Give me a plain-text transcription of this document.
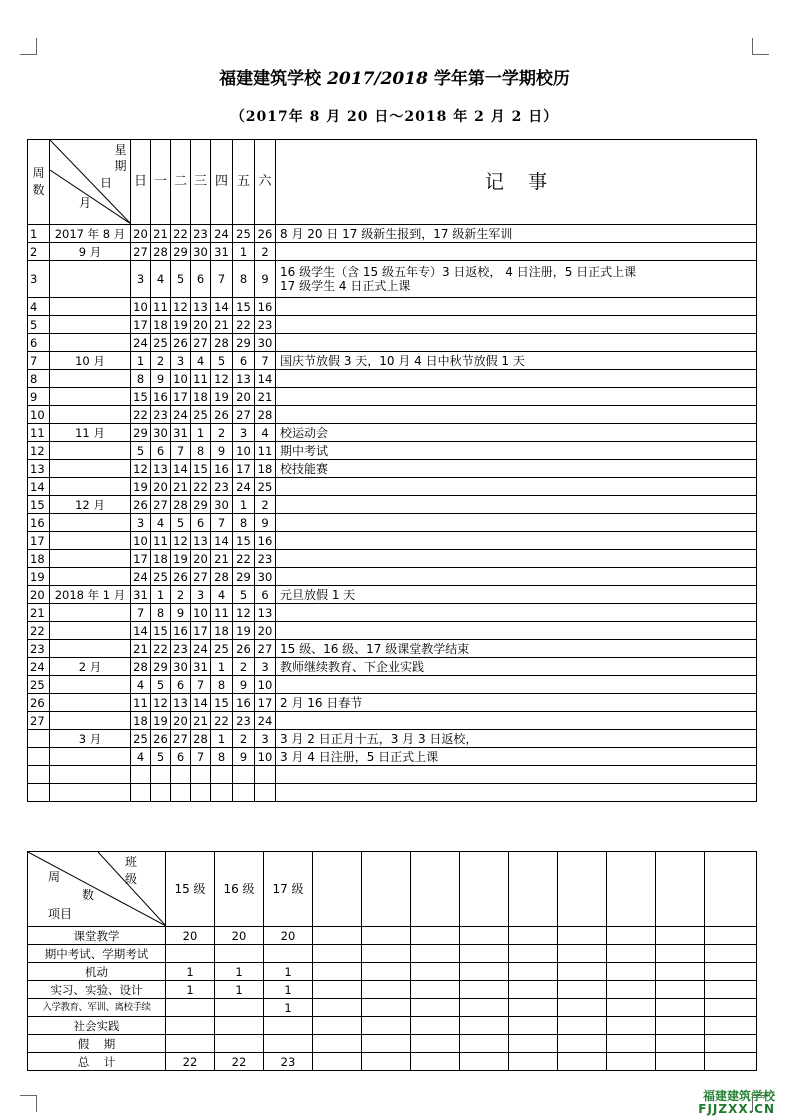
福建建筑学校 2017/2018 学年第一学期校历
（2017年 8 月 20 日～2018 年 2 月 2 日）
周数	星期
日
月	日	一	二	三	四	五	六	记    事
1	2017 年 8 月	20	21	22	23	24	25	26	8 月 20 日 17 级新生报到，17 级新生军训

2	9 月	27	28	29	30	31	1	2	

3		3	4	5	6	7	8	9	16 级学生（含 15 级五年专）3 日返校， 4 日注册，5 日正式上课
17 级学生 4 日正式上课

4		10	11	12	13	14	15	16	

5		17	18	19	20	21	22	23	

6		24	25	26	27	28	29	30	

7	10 月	1	2	3	4	5	6	7	国庆节放假 3 天，10 月 4 日中秋节放假 1 天

8		8	9	10	11	12	13	14	

9		15	16	17	18	19	20	21	

10		22	23	24	25	26	27	28	

11	11 月	29	30	31	1	2	3	4	校运动会

12		5	6	7	8	9	10	11	期中考试

13		12	13	14	15	16	17	18	校技能赛

14		19	20	21	22	23	24	25	

15	12 月	26	27	28	29	30	1	2	

16		3	4	5	6	7	8	9	

17		10	11	12	13	14	15	16	

18		17	18	19	20	21	22	23	

19		24	25	26	27	28	29	30	

20	2018 年 1 月	31	1	2	3	4	5	6	元旦放假 1 天

21		7	8	9	10	11	12	13	

22		14	15	16	17	18	19	20	

23		21	22	23	24	25	26	27	15 级、16 级、17 级课堂教学结束

24	2 月	28	29	30	31	1	2	3	教师继续教育、下企业实践

25		4	5	6	7	8	9	10	

26		11	12	13	14	15	16	17	2 月 16 日春节

27		18	19	20	21	22	23	24	

	3 月	25	26	27	28	1	2	3	3 月 2 日正月十五，3 月 3 日返校，

		4	5	6	7	8	9	10	3 月 4 日注册，5 日正式上课

班级
周
数
项目	15 级	16 级	17 级										
课堂教学	20	20	20										
期中考试、学期考试													
机动	1	1	1										
实习、实验、设计	1	1	1										
入学教育、军训、离校手续			1										
社会实践													
假    期													
总    计	22	22	23										
福建建筑学校
FJJZXX.CN
